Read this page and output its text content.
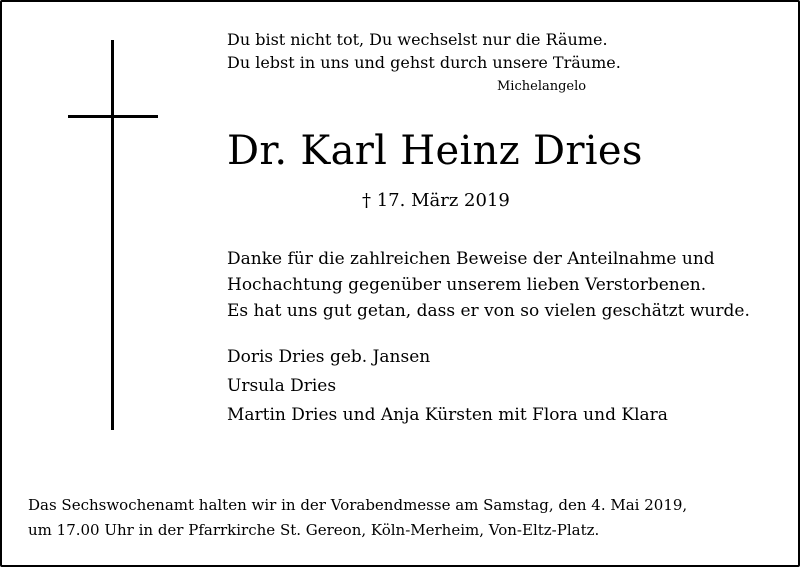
Du bist nicht tot, Du wechselst nur die Räume.
Du lebst in uns und gehst durch unsere Träume.
Michelangelo
Dr. Karl Heinz Dries
† 17. März 2019
Danke für die zahlreichen Beweise der Anteilnahme und
Hochachtung gegenüber unserem lieben Verstorbenen.
Es hat uns gut getan, dass er von so vielen geschätzt wurde.
Doris Dries geb. Jansen
Ursula Dries
Martin Dries und Anja Kürsten mit Flora und Klara
Das Sechswochenamt halten wir in der Vorabendmesse am Samstag, den 4. Mai 2019,
um 17.00 Uhr in der Pfarrkirche St. Gereon, Köln-Merheim, Von-Eltz-Platz.
